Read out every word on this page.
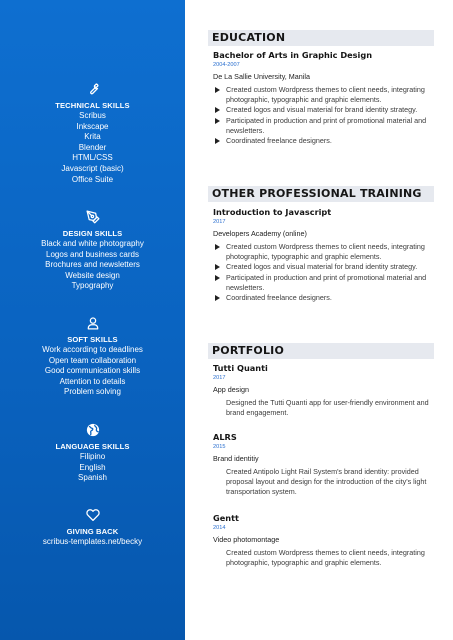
TECHNICAL SKILLS
Scribus
Inkscape
Krita
Blender
HTML/CSS
Javascript (basic)
Office Suite
DESIGN SKILLS
Black and white photography
Logos and business cards
Brochures and newsletters
Website design
Typography
SOFT SKILLS
Work according to deadlines
Open team collaboration
Good communication skills
Attention to details
Problem solving
LANGUAGE SKILLS
Filipino
English
Spanish
GIVING BACK
scribus-templates.net/becky
EDUCATION
Bachelor of Arts in Graphic Design
2004-2007
De La Sallie University, Manila
Created custom Wordpress themes to client needs, integrating photographic, typographic and graphic elements.
Created logos and visual material for brand identity strategy.
Participated in production and print of promotional material and newsletters.
Coordinated freelance designers.
OTHER PROFESSIONAL TRAINING
Introduction to Javascript
2017
Developers Academy (online)
Created custom Wordpress themes to client needs, integrating photographic, typographic and graphic elements.
Created logos and visual material for brand identity strategy.
Participated in production and print of promotional material and newsletters.
Coordinated freelance designers.
PORTFOLIO
Tutti Quanti
2017
App design
Designed the Tutti Quanti app for user-friendly environment and brand engagement.
ALRS
2015
Brand identitiy
Created Antipolo Light Rail System's brand identity: provided proposal layout and design for the introduction of the city's light transportation system.
Gentt
2014
Video photomontage
Created custom Wordpress themes to client needs, integrating photographic, typographic and graphic elements.
